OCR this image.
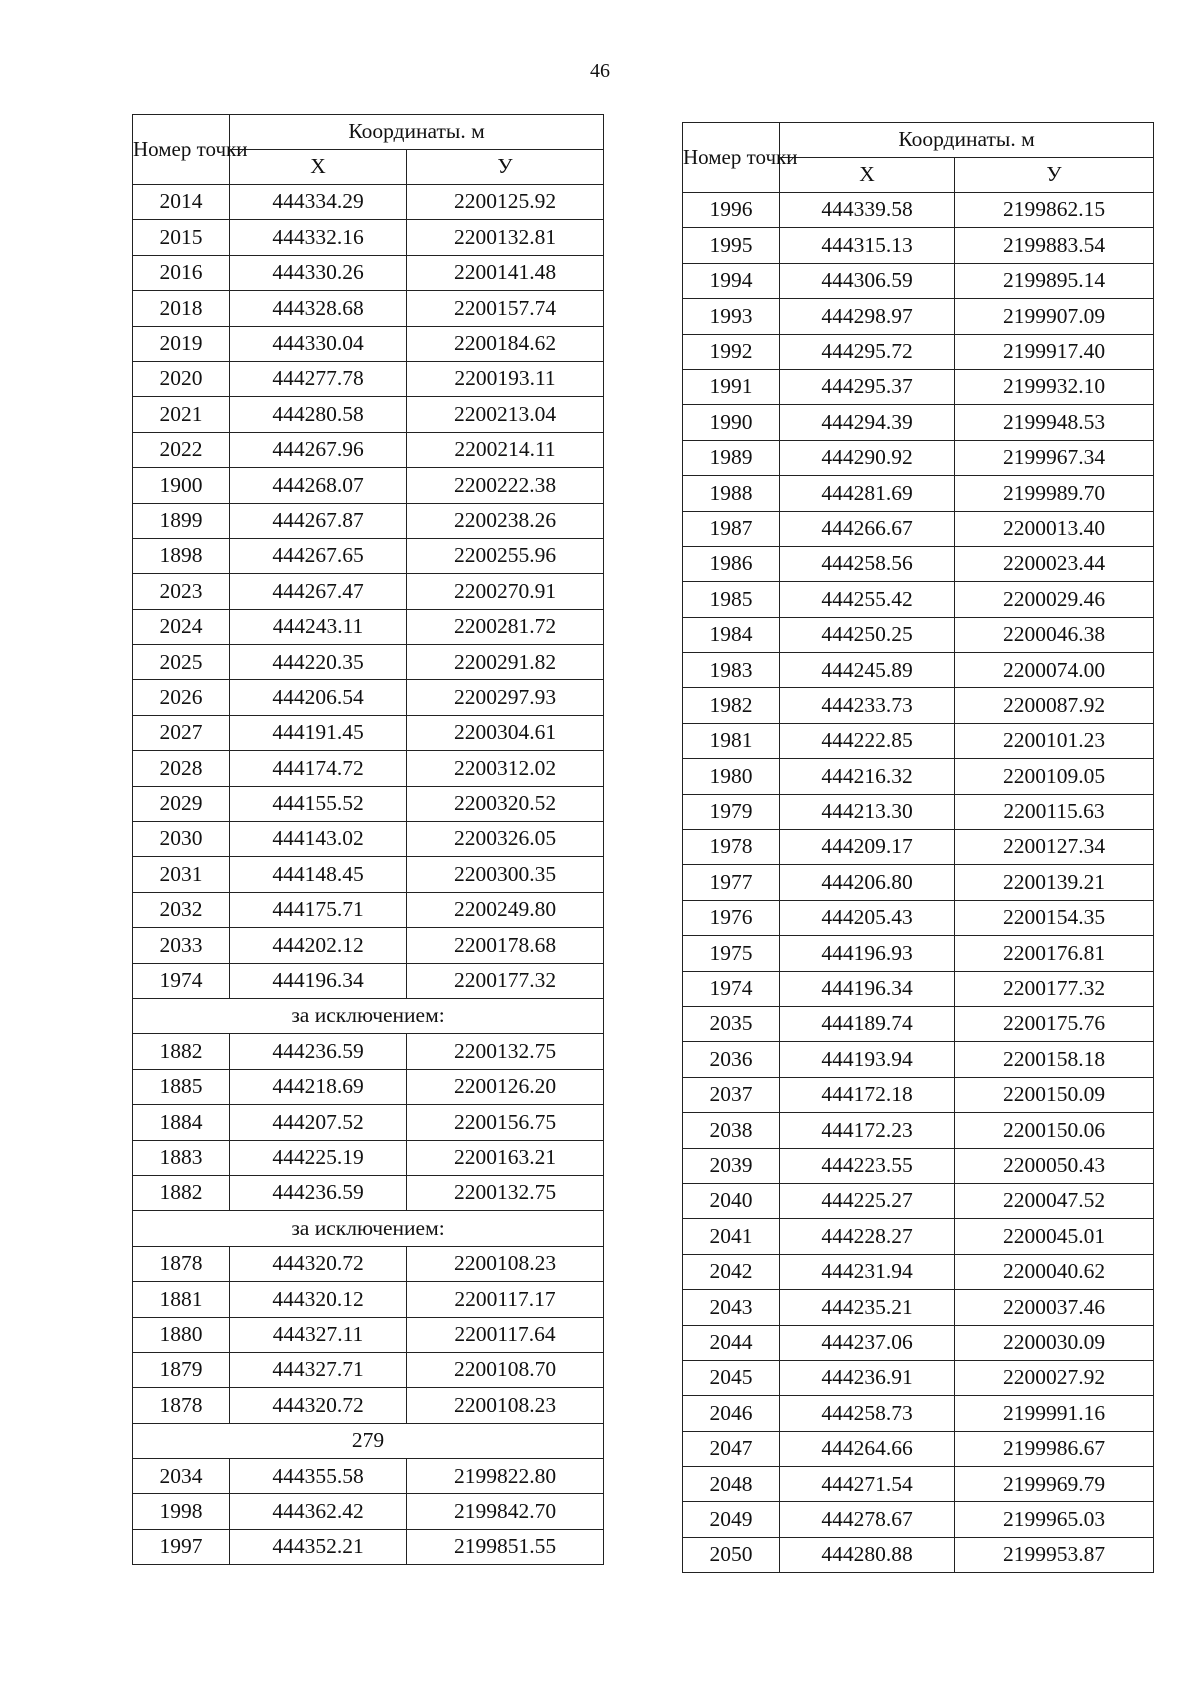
46
Номер точки	Координаты. м	
	X	У
2014	444334.29	2200125.92
2015	444332.16	2200132.81
2016	444330.26	2200141.48
2018	444328.68	2200157.74
2019	444330.04	2200184.62
2020	444277.78	2200193.11
2021	444280.58	2200213.04
2022	444267.96	2200214.11
1900	444268.07	2200222.38
1899	444267.87	2200238.26
1898	444267.65	2200255.96
2023	444267.47	2200270.91
2024	444243.11	2200281.72
2025	444220.35	2200291.82
2026	444206.54	2200297.93
2027	444191.45	2200304.61
2028	444174.72	2200312.02
2029	444155.52	2200320.52
2030	444143.02	2200326.05
2031	444148.45	2200300.35
2032	444175.71	2200249.80
2033	444202.12	2200178.68
1974	444196.34	2200177.32
за исключением:		
1882	444236.59	2200132.75
1885	444218.69	2200126.20
1884	444207.52	2200156.75
1883	444225.19	2200163.21
1882	444236.59	2200132.75
за исключением:		
1878	444320.72	2200108.23
1881	444320.12	2200117.17
1880	444327.11	2200117.64
1879	444327.71	2200108.70
1878	444320.72	2200108.23
279		
2034	444355.58	2199822.80
1998	444362.42	2199842.70
1997	444352.21	2199851.55
Номер точки	Координаты. м	
	X	У
1996	444339.58	2199862.15
1995	444315.13	2199883.54
1994	444306.59	2199895.14
1993	444298.97	2199907.09
1992	444295.72	2199917.40
1991	444295.37	2199932.10
1990	444294.39	2199948.53
1989	444290.92	2199967.34
1988	444281.69	2199989.70
1987	444266.67	2200013.40
1986	444258.56	2200023.44
1985	444255.42	2200029.46
1984	444250.25	2200046.38
1983	444245.89	2200074.00
1982	444233.73	2200087.92
1981	444222.85	2200101.23
1980	444216.32	2200109.05
1979	444213.30	2200115.63
1978	444209.17	2200127.34
1977	444206.80	2200139.21
1976	444205.43	2200154.35
1975	444196.93	2200176.81
1974	444196.34	2200177.32
2035	444189.74	2200175.76
2036	444193.94	2200158.18
2037	444172.18	2200150.09
2038	444172.23	2200150.06
2039	444223.55	2200050.43
2040	444225.27	2200047.52
2041	444228.27	2200045.01
2042	444231.94	2200040.62
2043	444235.21	2200037.46
2044	444237.06	2200030.09
2045	444236.91	2200027.92
2046	444258.73	2199991.16
2047	444264.66	2199986.67
2048	444271.54	2199969.79
2049	444278.67	2199965.03
2050	444280.88	2199953.87
